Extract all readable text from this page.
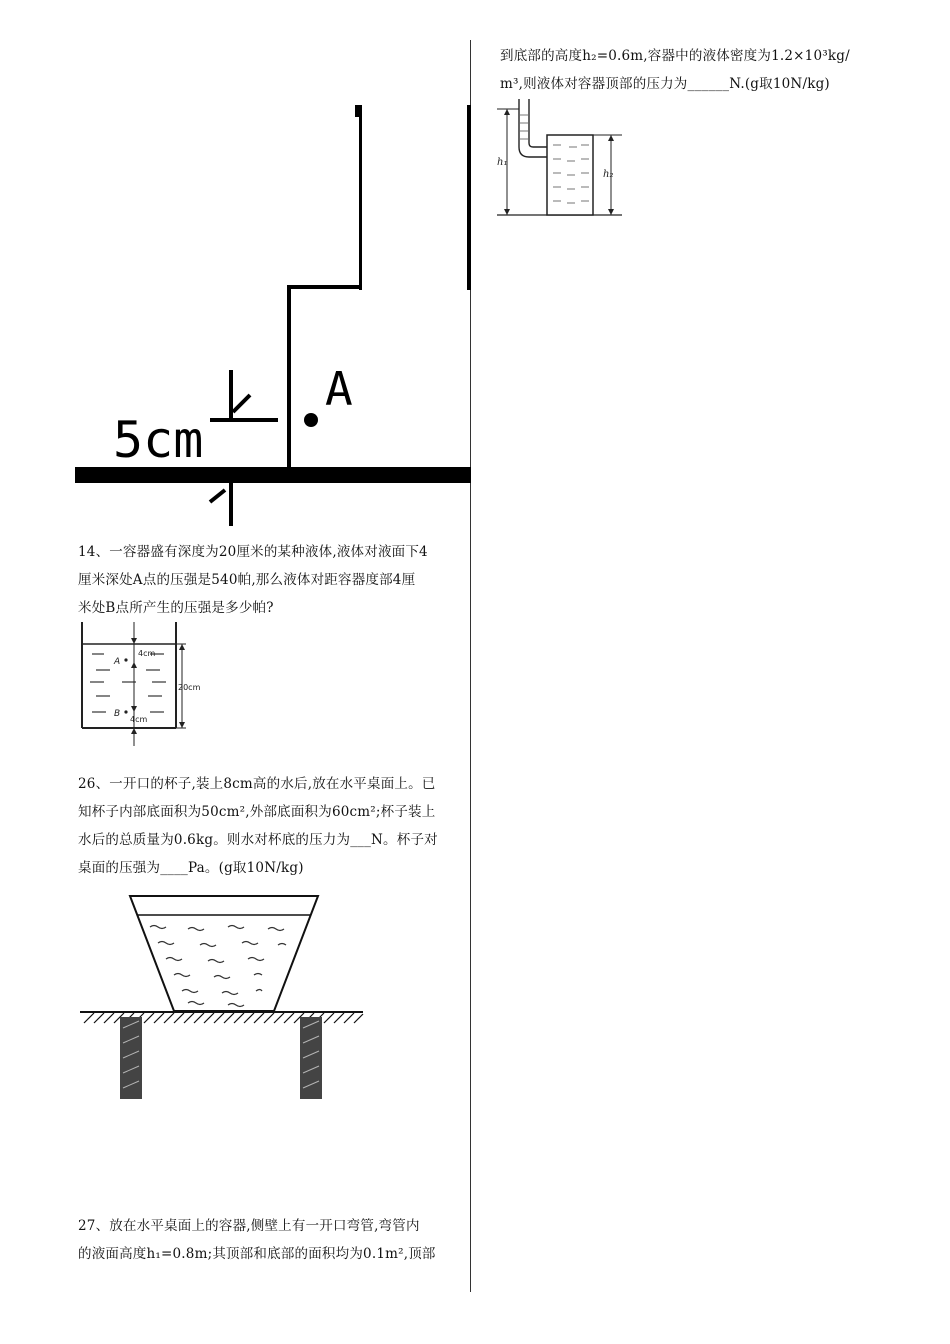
5cm
A
14、一容器盛有深度为20厘米的某种液体,液体对液面下4
厘米深处A点的压强是540帕,那么液体对距容器度部4厘
米处B点所产生的压强是多少帕?
4cm
A
20cm
B
4cm
26、一开口的杯子,装上8cm高的水后,放在水平桌面上。已
知杯子内部底面积为50cm²,外部底面积为60cm²;杯子装上
水后的总质量为0.6kg。则水对杯底的压力为___N。杯子对
桌面的压强为____Pa。(g取10N/kg)
27、放在水平桌面上的容器,侧壁上有一开口弯管,弯管内
的液面高度h₁=0.8m;其顶部和底部的面积均为0.1m²,顶部
到底部的高度h₂=0.6m,容器中的液体密度为1.2×10³kg/
m³,则液体对容器顶部的压力为______N.(g取10N/kg)
h₁
h₂
